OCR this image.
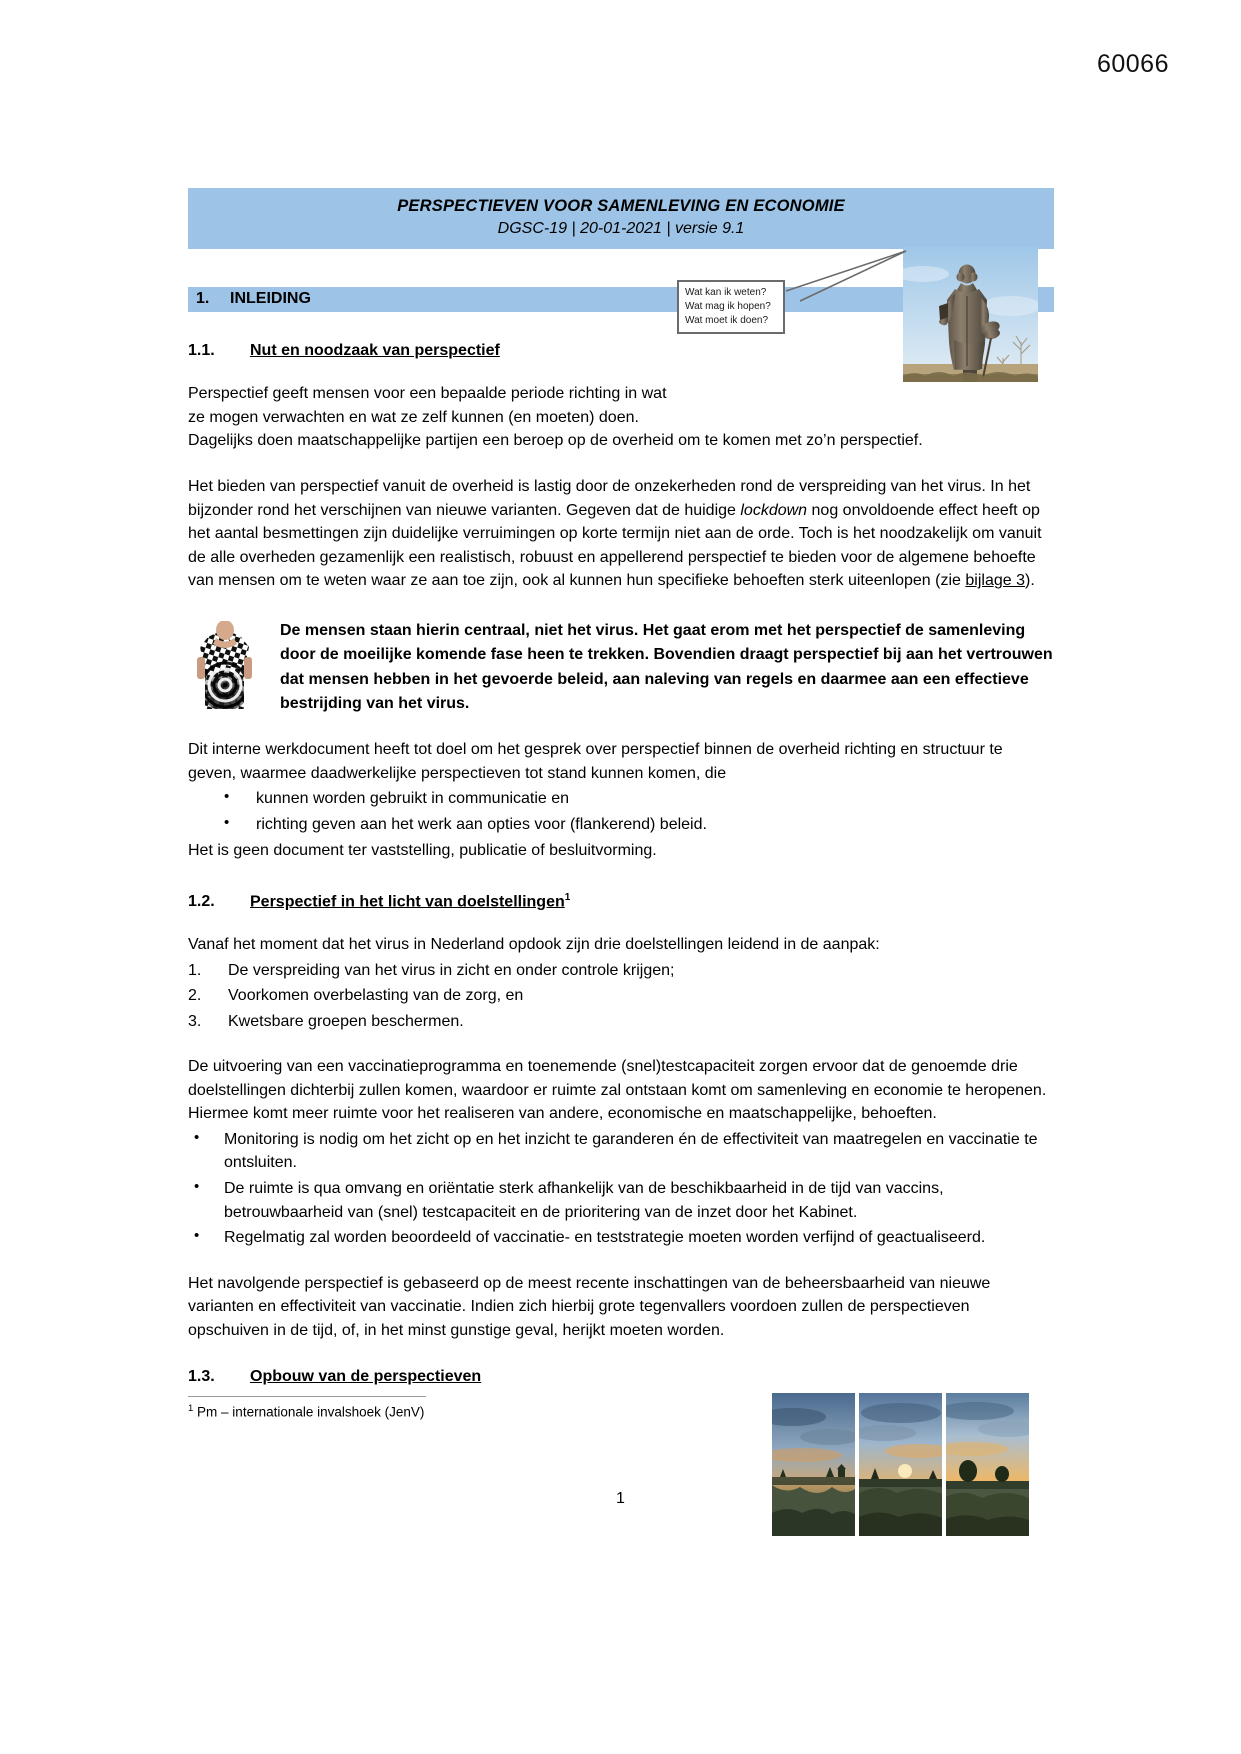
60066
PERSPECTIEVEN VOOR SAMENLEVING EN ECONOMIE
DGSC-19 | 20-01-2021 | versie 9.1
1. INLEIDING
1.1. Nut en noodzaak van perspectief

Perspectief geeft mensen voor een bepaalde periode richting in wat
ze mogen verwachten en wat ze zelf kunnen (en moeten) doen.
Dagelijks doen maatschappelijke partijen een beroep op de overheid om te komen met zo’n perspectief.

Het bieden van perspectief vanuit de overheid is lastig door de onzekerheden rond de verspreiding van het virus. In het bijzonder rond het verschijnen van nieuwe varianten. Gegeven dat de huidige lockdown nog onvoldoende effect heeft op het aantal besmettingen zijn duidelijke verruimingen op korte termijn niet aan de orde. Toch is het noodzakelijk om vanuit de alle overheden gezamenlijk een realistisch, robuust en appellerend perspectief te bieden voor de algemene behoefte van mensen om te weten waar ze aan toe zijn, ook al kunnen hun specifieke behoeften sterk uiteenlopen (zie bijlage 3).

De mensen staan hierin centraal, niet het virus. Het gaat erom met het perspectief de samenleving door de moeilijke komende fase heen te trekken. Bovendien draagt perspectief bij aan het vertrouwen dat mensen hebben in het gevoerde beleid, aan naleving van regels en daarmee aan een effectieve bestrijding van het virus.

Dit interne werkdocument heeft tot doel om het gesprek over perspectief binnen de overheid richting en structuur te geven, waarmee daadwerkelijke perspectieven tot stand kunnen komen, die

• kunnen worden gebruikt in communicatie en
• richting geven aan het werk aan opties voor (flankerend) beleid.

Het is geen document ter vaststelling, publicatie of besluitvorming.

1.2. Perspectief in het licht van doelstellingen$^1$

Vanaf het moment dat het virus in Nederland opdook zijn drie doelstellingen leidend in de aanpak:

1. De verspreiding van het virus in zicht en onder controle krijgen;
2. Voorkomen overbelasting van de zorg, en
3. Kwetsbare groepen beschermen.

De uitvoering van een vaccinatieprogramma en toenemende (snel)testcapaciteit zorgen ervoor dat de genoemde drie doelstellingen dichterbij zullen komen, waardoor er ruimte zal ontstaan komt om samenleving en economie te heropenen. Hiermee komt meer ruimte voor het realiseren van andere, economische en maatschappelijke, behoeften.

• Monitoring is nodig om het zicht op en het inzicht te garanderen én de effectiviteit van maatregelen en vaccinatie te ontsluiten.
• De ruimte is qua omvang en oriëntatie sterk afhankelijk van de beschikbaarheid in de tijd van vaccins, betrouwbaarheid van (snel) testcapaciteit en de prioritering van de inzet door het Kabinet.
• Regelmatig zal worden beoordeeld of vaccinatie- en teststrategie moeten worden verfijnd of geactualiseerd.

Het navolgende perspectief is gebaseerd op de meest recente inschattingen van de beheersbaarheid van nieuwe varianten en effectiviteit van vaccinatie. Indien zich hierbij grote tegenvallers voordoen zullen de perspectieven opschuiven in de tijd, of, in het minst gunstige geval, herijkt moeten worden.

1.3. Opbouw van de perspectieven
$^1$ Pm – internationale invalshoek (JenV)
Wat kan ik weten?
Wat mag ik hopen?
Wat moet ik doen?
1
